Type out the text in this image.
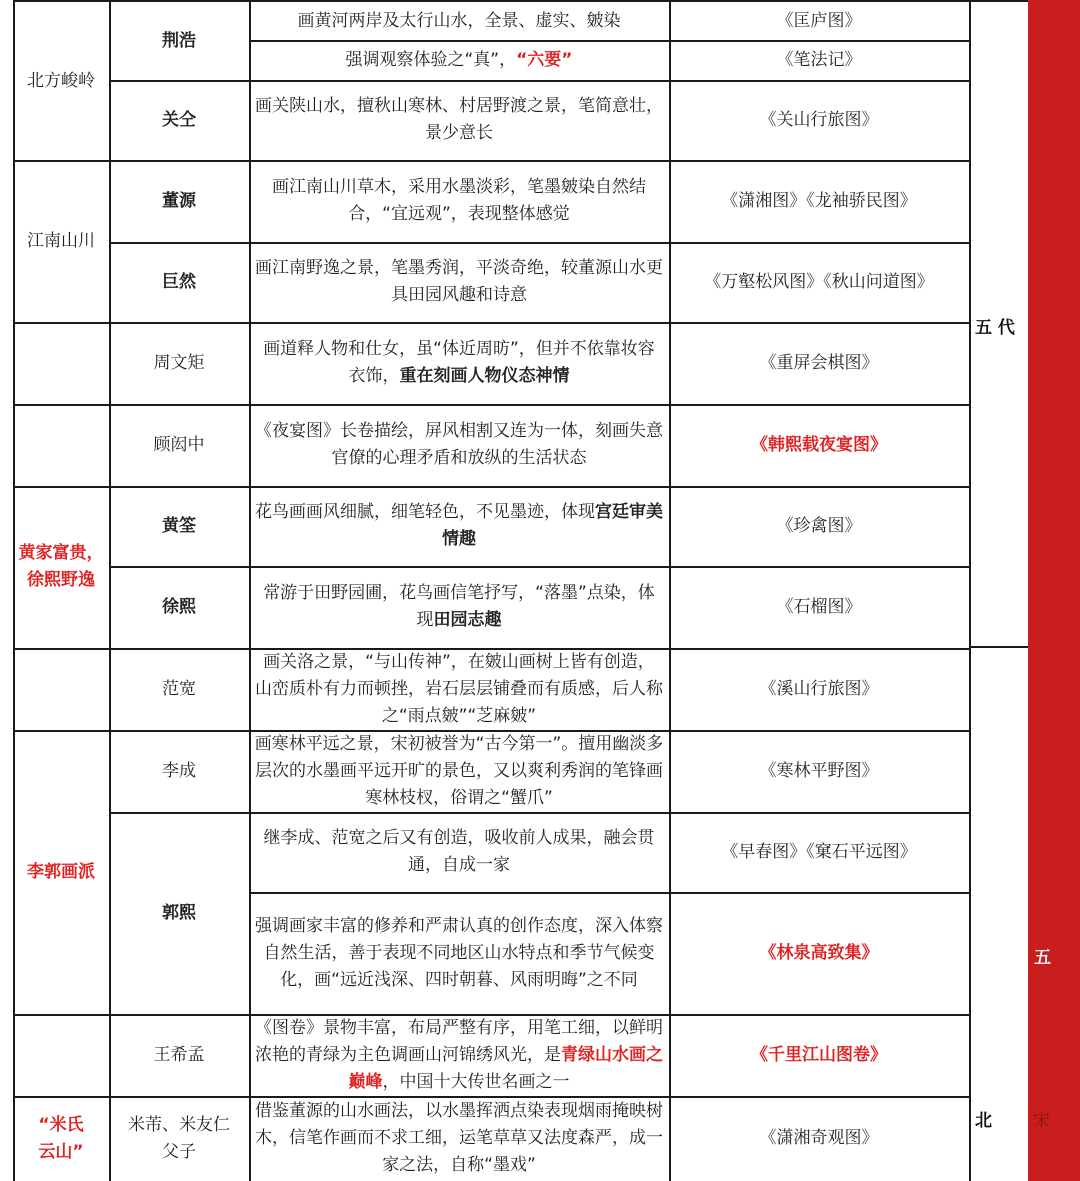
北方峻岭
江南山川
黄家富贵，徐熙野逸
李郭画派
“米氏云山”
荆浩
关仝
董源
巨然
周文矩
顾闳中
黄筌
徐熙
范宽
李成
郭熙
王希孟
米芾、米友仁父子
画黄河两岸及太行山水，全景、虚实、皴染
强调观察体验之“真”，“六要”
画关陕山水，擅秋山寒林、村居野渡之景，笔简意壮，景少意长
画江南山川草木，采用水墨淡彩，笔墨皴染自然结合，“宜远观”，表现整体感觉
画江南野逸之景，笔墨秀润，平淡奇绝，较董源山水更具田园风趣和诗意
画道释人物和仕女，虽“体近周昉”，但并不依靠妆容衣饰，重在刻画人物仪态神情
《夜宴图》长卷描绘，屏风相割又连为一体，刻画失意官僚的心理矛盾和放纵的生活状态
花鸟画画风细腻，细笔轻色，不见墨迹，体现宫廷审美情趣
常游于田野园圃，花鸟画信笔抒写，“落墨”点染，体现田园志趣
画关洛之景，“与山传神”，在皴山画树上皆有创造，山峦质朴有力而顿挫，岩石层层铺叠而有质感，后人称之“雨点皴”“芝麻皴”
画寒林平远之景，宋初被誉为“古今第一”。擅用幽淡多层次的水墨画平远开旷的景色，又以爽利秀润的笔锋画寒林枝杈，俗谓之“蟹爪”
继李成、范宽之后又有创造，吸收前人成果，融会贯通，自成一家
强调画家丰富的修养和严肃认真的创作态度，深入体察自然生活，善于表现不同地区山水特点和季节气候变化，画“远近浅深、四时朝暮、风雨明晦”之不同
《图卷》景物丰富，布局严整有序，用笔工细，以鲜明浓艳的青绿为主色调画山河锦绣风光，是青绿山水画之巅峰，中国十大传世名画之一
借鉴董源的山水画法，以水墨挥洒点染表现烟雨掩映树木，信笔作画而不求工细，运笔草草又法度森严，成一家之法，自称“墨戏”
《匡庐图》
《笔法记》
《关山行旅图》
《潇湘图》《龙袖骄民图》
《万壑松风图》《秋山问道图》
《重屏会棋图》
《韩熙载夜宴图》
《珍禽图》
《石榴图》
《溪山行旅图》
《寒林平野图》
《早春图》《窠石平远图》
《林泉高致集》
《千里江山图卷》
《潇湘奇观图》
五 代
北 宋
五
